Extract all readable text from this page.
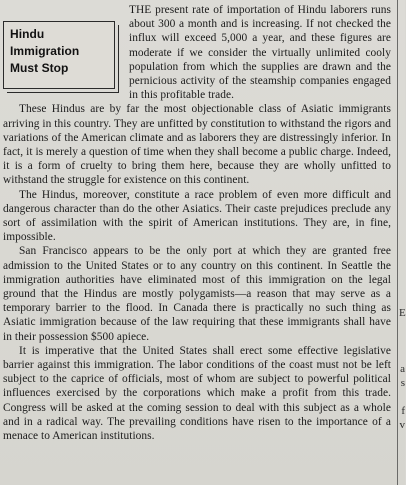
Hindu
Immigration
Must Stop

THE present rate of importation of Hindu laborers runs about 300 a month and is increasing. If not checked the influx will exceed 5,000 a year, and these figures are moderate if we consider the virtually unlimited cooly population from which the supplies are drawn and the pernicious activity of the steamship companies engaged in this profitable trade.

These Hindus are by far the most objectionable class of Asiatic immigrants arriving in this country. They are unfitted by constitution to withstand the rigors and variations of the American climate and as laborers they are distressingly inferior. In fact, it is merely a question of time when they shall become a public charge. Indeed, it is a form of cruelty to bring them here, because they are wholly unfitted to withstand the struggle for existence on this continent.

The Hindus, moreover, constitute a race problem of even more difficult and dangerous character than do the other Asiatics. Their caste prejudices preclude any sort of assimilation with the spirit of American institutions. They are, in fine, impossible.

San Francisco appears to be the only port at which they are granted free admission to the United States or to any country on this continent. In Seattle the immigration authorities have eliminated most of this immigration on the legal ground that the Hindus are mostly polygamists—a reason that may serve as a temporary barrier to the flood. In Canada there is practically no such thing as Asiatic immigration because of the law requiring that these immigrants shall have in their possession $500 apiece.

It is imperative that the United States shall erect some effective legislative barrier against this immigration. The labor conditions of the coast must not be left subject to the caprice of officials, most of whom are subject to powerful political influences exercised by the corporations which make a profit from this trade. Congress will be asked at the coming session to deal with this subject as a whole and in a radical way. The prevailing conditions have risen to the importance of a menace to American institutions.

E
a
s
f
v
